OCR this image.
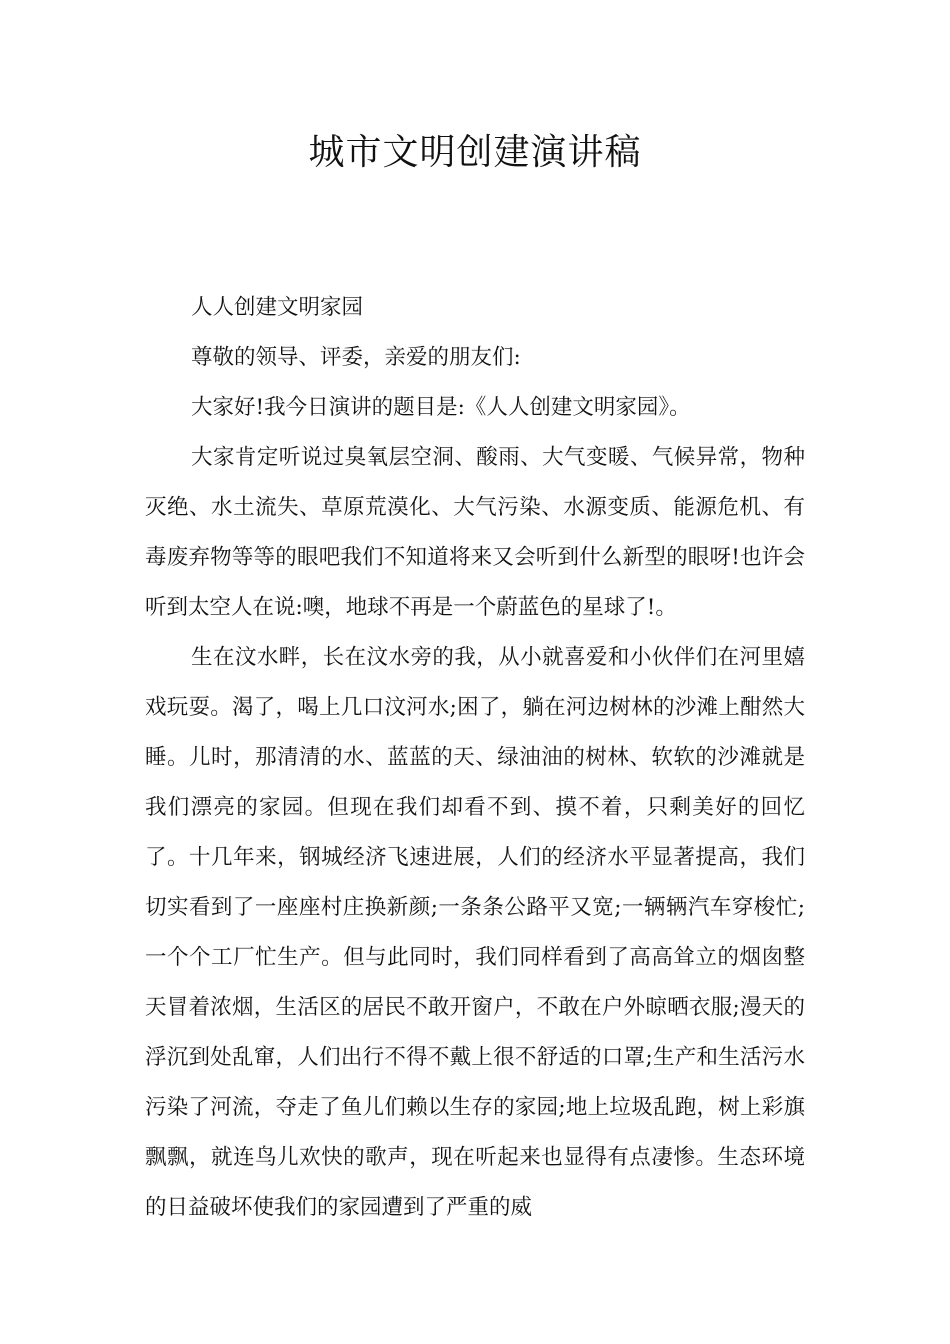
城市文明创建演讲稿

人人创建文明家园

尊敬的领导、评委，亲爱的朋友们:

大家好!我今日演讲的题目是:《人人创建文明家园》。

大家肯定听说过臭氧层空洞、酸雨、大气变暖、气候异常，物种灭绝、水土流失、草原荒漠化、大气污染、水源变质、能源危机、有毒废弃物等等的眼吧我们不知道将来又会听到什么新型的眼呀!也许会听到太空人在说:噢，地球不再是一个蔚蓝色的星球了!。

生在汶水畔，长在汶水旁的我，从小就喜爱和小伙伴们在河里嬉戏玩耍。渴了，喝上几口汶河水;困了，躺在河边树林的沙滩上酣然大睡。儿时，那清清的水、蓝蓝的天、绿油油的树林、软软的沙滩就是我们漂亮的家园。但现在我们却看不到、摸不着，只剩美好的回忆了。十几年来，钢城经济飞速进展，人们的经济水平显著提高，我们切实看到了一座座村庄换新颜;一条条公路平又宽;一辆辆汽车穿梭忙;一个个工厂忙生产。但与此同时，我们同样看到了高高耸立的烟囱整天冒着浓烟，生活区的居民不敢开窗户，不敢在户外晾晒衣服;漫天的浮沉到处乱窜，人们出行不得不戴上很不舒适的口罩;生产和生活污水污染了河流，夺走了鱼儿们赖以生存的家园;地上垃圾乱跑，树上彩旗飘飘，就连鸟儿欢快的歌声，现在听起来也显得有点凄惨。生态环境的日益破坏使我们的家园遭到了严重的威
